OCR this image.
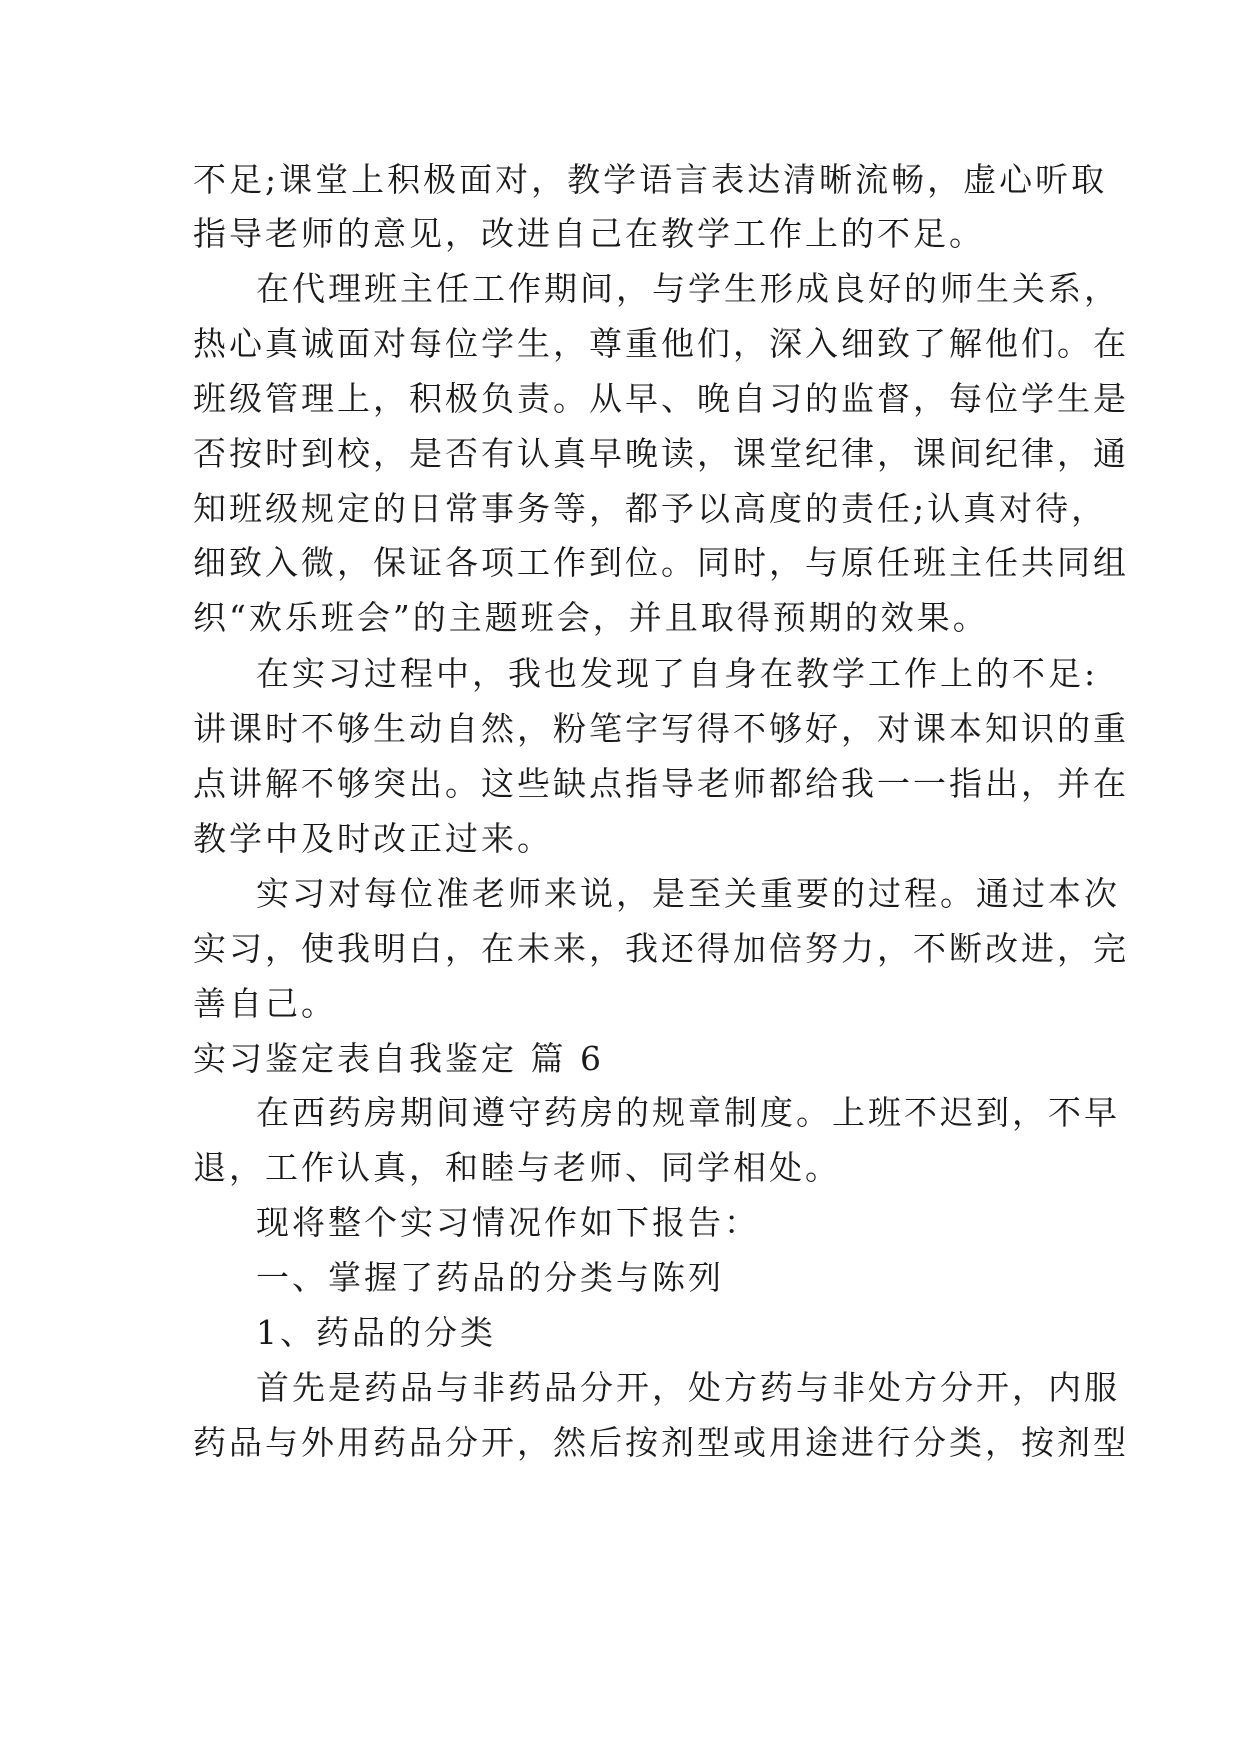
不足;课堂上积极面对，教学语言表达清晰流畅，虚心听取
指导老师的意见，改进自己在教学工作上的不足。
在代理班主任工作期间，与学生形成良好的师生关系，
热心真诚面对每位学生，尊重他们，深入细致了解他们。在
班级管理上，积极负责。从早、晚自习的监督，每位学生是
否按时到校，是否有认真早晚读，课堂纪律，课间纪律，通
知班级规定的日常事务等，都予以高度的责任;认真对待，
细致入微，保证各项工作到位。同时，与原任班主任共同组
织“欢乐班会”的主题班会，并且取得预期的效果。
在实习过程中，我也发现了自身在教学工作上的不足:
讲课时不够生动自然，粉笔字写得不够好，对课本知识的重
点讲解不够突出。这些缺点指导老师都给我一一指出，并在
教学中及时改正过来。
实习对每位准老师来说，是至关重要的过程。通过本次
实习，使我明白，在未来，我还得加倍努力，不断改进，完
善自己。
实习鉴定表自我鉴定 篇 6
在西药房期间遵守药房的规章制度。上班不迟到，不早
退，工作认真，和睦与老师、同学相处。
现将整个实习情况作如下报告：
一、掌握了药品的分类与陈列
1、药品的分类
首先是药品与非药品分开，处方药与非处方分开，内服
药品与外用药品分开，然后按剂型或用途进行分类，按剂型
